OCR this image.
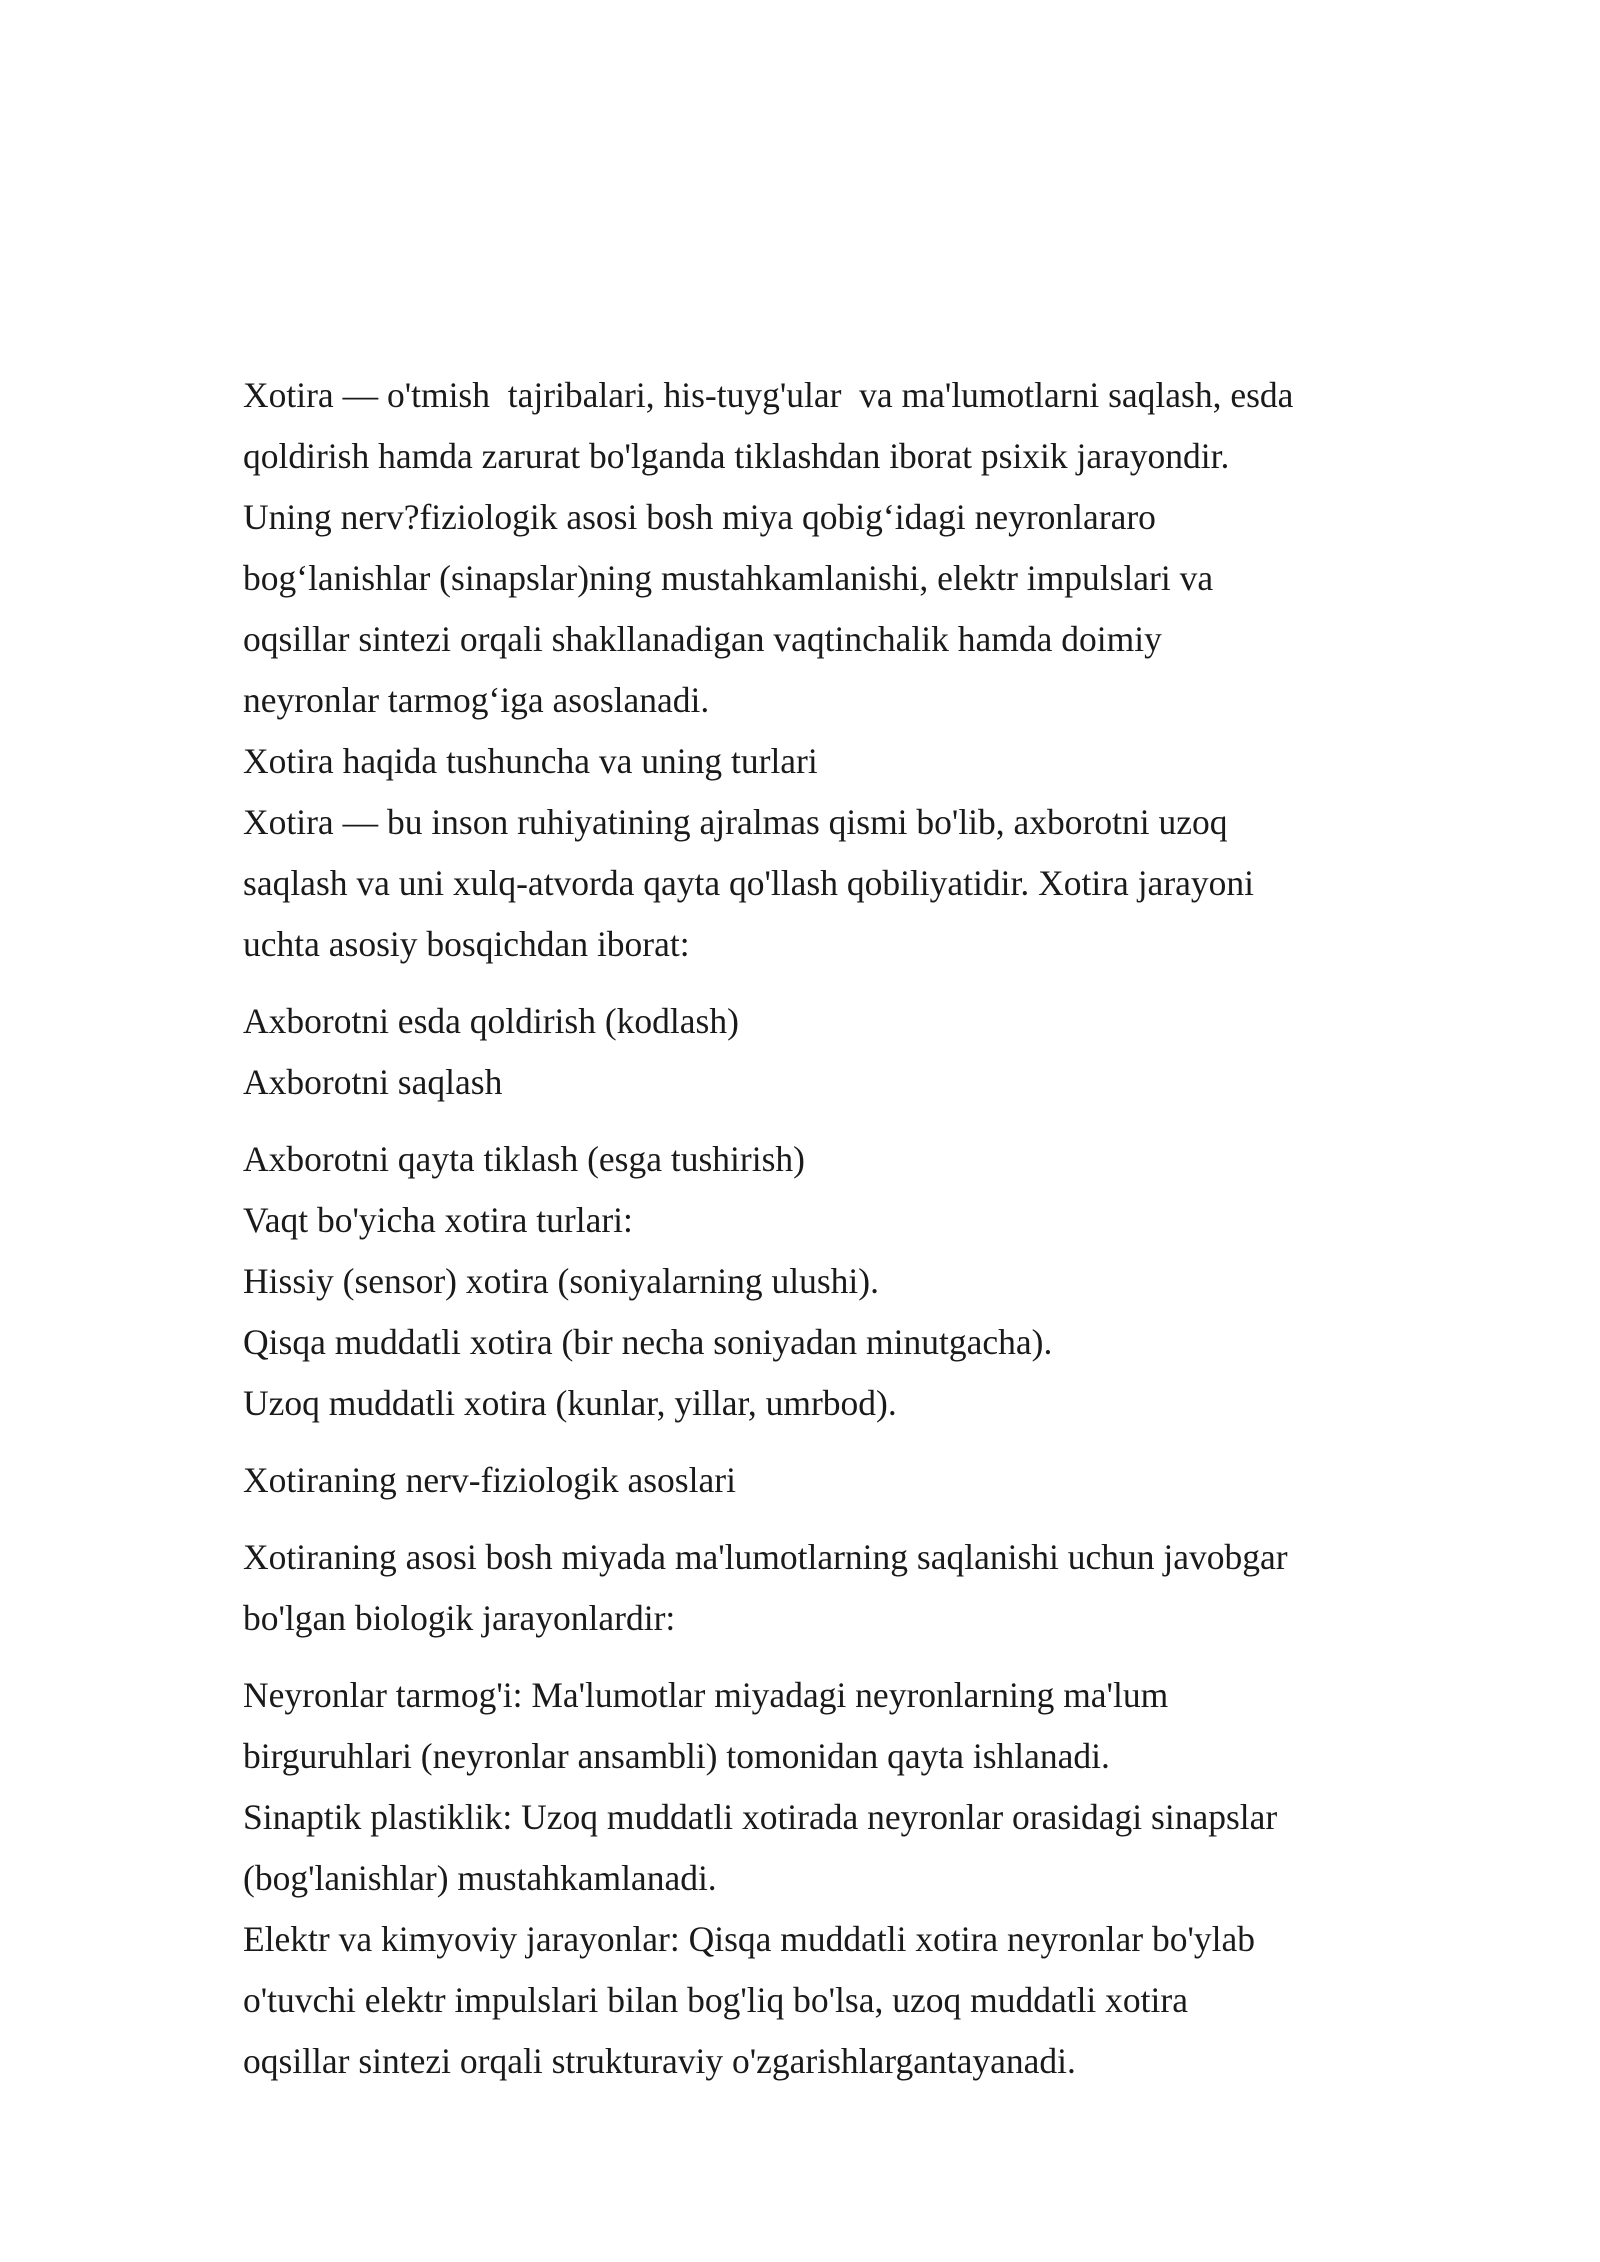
Xotira — o'tmish  tajribalari, his-tuyg'ular  va ma'lumotlarni saqlash, esda
qoldirish hamda zarurat bo'lganda tiklashdan iborat psixik jarayondir.
Uning nerv?fiziologik asosi bosh miya qobig‘idagi neyronlararo
bog‘lanishlar (sinapslar)ning mustahkamlanishi, elektr impulslari va
oqsillar sintezi orqali shakllanadigan vaqtinchalik hamda doimiy
neyronlar tarmog‘iga asoslanadi.
Xotira haqida tushuncha va uning turlari
Xotira — bu inson ruhiyatining ajralmas qismi bo'lib, axborotni uzoq
saqlash va uni xulq-atvorda qayta qo'llash qobiliyatidir. Xotira jarayoni
uchta asosiy bosqichdan iborat:
Axborotni esda qoldirish (kodlash)
Axborotni saqlash
Axborotni qayta tiklash (esga tushirish)
Vaqt bo'yicha xotira turlari:
Hissiy (sensor) xotira (soniyalarning ulushi).
Qisqa muddatli xotira (bir necha soniyadan minutgacha).
Uzoq muddatli xotira (kunlar, yillar, umrbod).
Xotiraning nerv-fiziologik asoslari
Xotiraning asosi bosh miyada ma'lumotlarning saqlanishi uchun javobgar
bo'lgan biologik jarayonlardir:
Neyronlar tarmog'i: Ma'lumotlar miyadagi neyronlarning ma'lum
birguruhlari (neyronlar ansambli) tomonidan qayta ishlanadi.
Sinaptik plastiklik: Uzoq muddatli xotirada neyronlar orasidagi sinapslar
(bog'lanishlar) mustahkamlanadi.
Elektr va kimyoviy jarayonlar: Qisqa muddatli xotira neyronlar bo'ylab
o'tuvchi elektr impulslari bilan bog'liq bo'lsa, uzoq muddatli xotira
oqsillar sintezi orqali strukturaviy o'zgarishlargantayanadi.
